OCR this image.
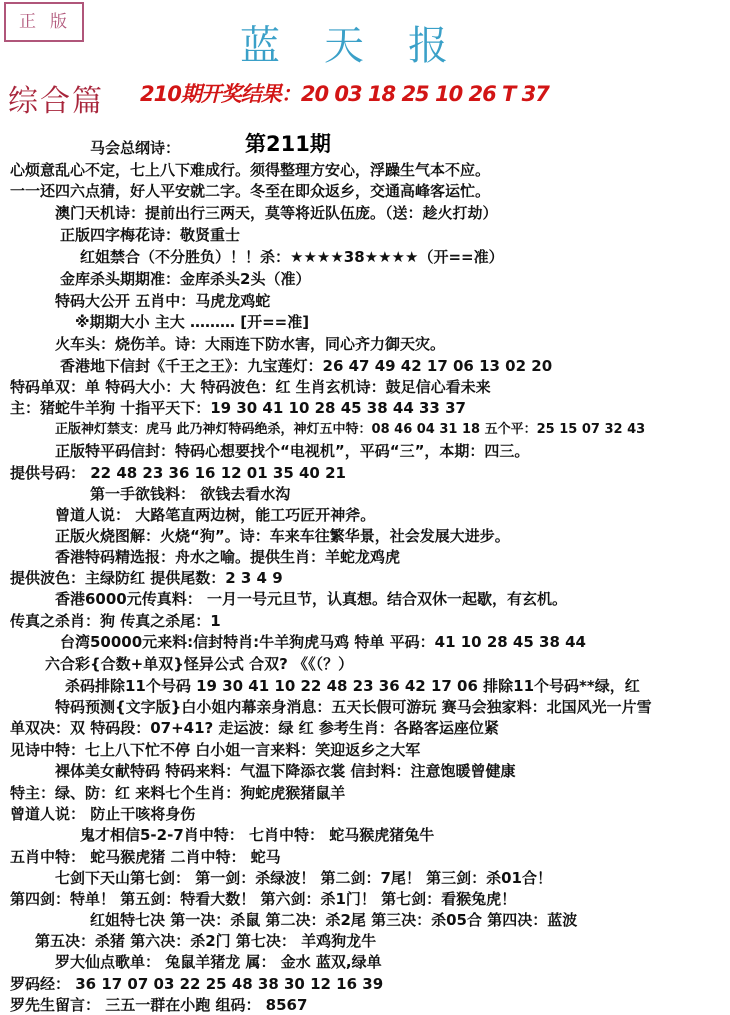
正版
蓝天报
综合篇 210期开奖结果：20 03 18 25 10 26 T 37
第211期
马会总纲诗：
心烦意乱心不定，七上八下难成行。须得整理方安心，浮躁生气本不应。
一一还四六点猜，好人平安就二字。冬至在即众返乡，交通高峰客运忙。
澳门天机诗：提前出行三两天，莫等将近队伍庞。（送：趁火打劫）
正版四字梅花诗：敬贤重士
红姐禁合（不分胜负）！！杀：★★★★38★★★★（开==准）
金库杀头期期准：金库杀头2头（准）
特码大公开 五肖中：马虎龙鸡蛇
※期期大小 主大 ……… [开==准]
火车头：烧伤羊。诗：大雨连下防水害，同心齐力御天灾。
香港地下信封《千王之王》：九宝莲灯：26 47 49 42 17 06 13 02 20
特码单双：单 特码大小：大 特码波色：红 生肖玄机诗：鼓足信心看未来
主：猪蛇牛羊狗 十指平天下：19 30 41 10 28 45 38 44 33 37
正版神灯禁支：虎马 此乃神灯特码绝杀，神灯五中特：08 46 04 31 18 五个平：25 15 07 32 43
正版特平码信封：特码心想要找个“电视机”，平码“三”，本期：四三。
提供号码： 22 48 23 36 16 12 01 35 40 21
第一手欲钱料： 欲钱去看水沟
曾道人说： 大路笔直两边树，能工巧匠开神斧。
正版火烧图解：火烧“狗”。诗：车来车往繁华景，社会发展大进步。
香港特码精选报：舟水之喻。提供生肖：羊蛇龙鸡虎
提供波色：主绿防红 提供尾数：2 3 4 9
香港6000元传真料： 一月一号元旦节，认真想。结合双休一起歇，有玄机。
传真之杀肖：狗 传真之杀尾：1
台湾50000元来料:信封特肖:牛羊狗虎马鸡 特单 平码：41 10 28 45 38 44
六合彩{合数+单双}怪异公式 合双? 《《（？）
杀码排除11个号码 19 30 41 10 22 48 23 36 42 17 06 排除11个号码**绿，红
特码预测{文字版}白小姐内幕亲身消息：五天长假可游玩 赛马会独家料：北国风光一片雪
单双决：双 特码段：07+41? 走运波：绿 红 参考生肖：各路客运座位紧
见诗中特：七上八下忙不停 白小姐一言来料：笑迎返乡之大军
裸体美女献特码 特码来料：气温下降添衣裳 信封料：注意饱暖曾健康
特主：绿、防：红 来料七个生肖：狗蛇虎猴猪鼠羊
曾道人说： 防止干咳将身伤
鬼才相信5-2-7肖中特： 七肖中特： 蛇马猴虎猪兔牛
五肖中特： 蛇马猴虎猪 二肖中特： 蛇马
七剑下天山第七剑： 第一剑：杀绿波！ 第二剑：7尾！ 第三剑：杀01合！
第四剑：特单！ 第五剑：特看大数！ 第六剑：杀1门！ 第七剑：看猴兔虎！
红姐特七决 第一决：杀鼠 第二决：杀2尾 第三决：杀05合 第四决：蓝波
第五决：杀猪 第六决：杀2门 第七决： 羊鸡狗龙牛
罗大仙点歌单： 兔鼠羊猪龙 属： 金水 蓝双,绿单
罗码经： 36 17 07 03 22 25 48 38 30 12 16 39
罗先生留言： 三五一群在小跑 组码： 8567
